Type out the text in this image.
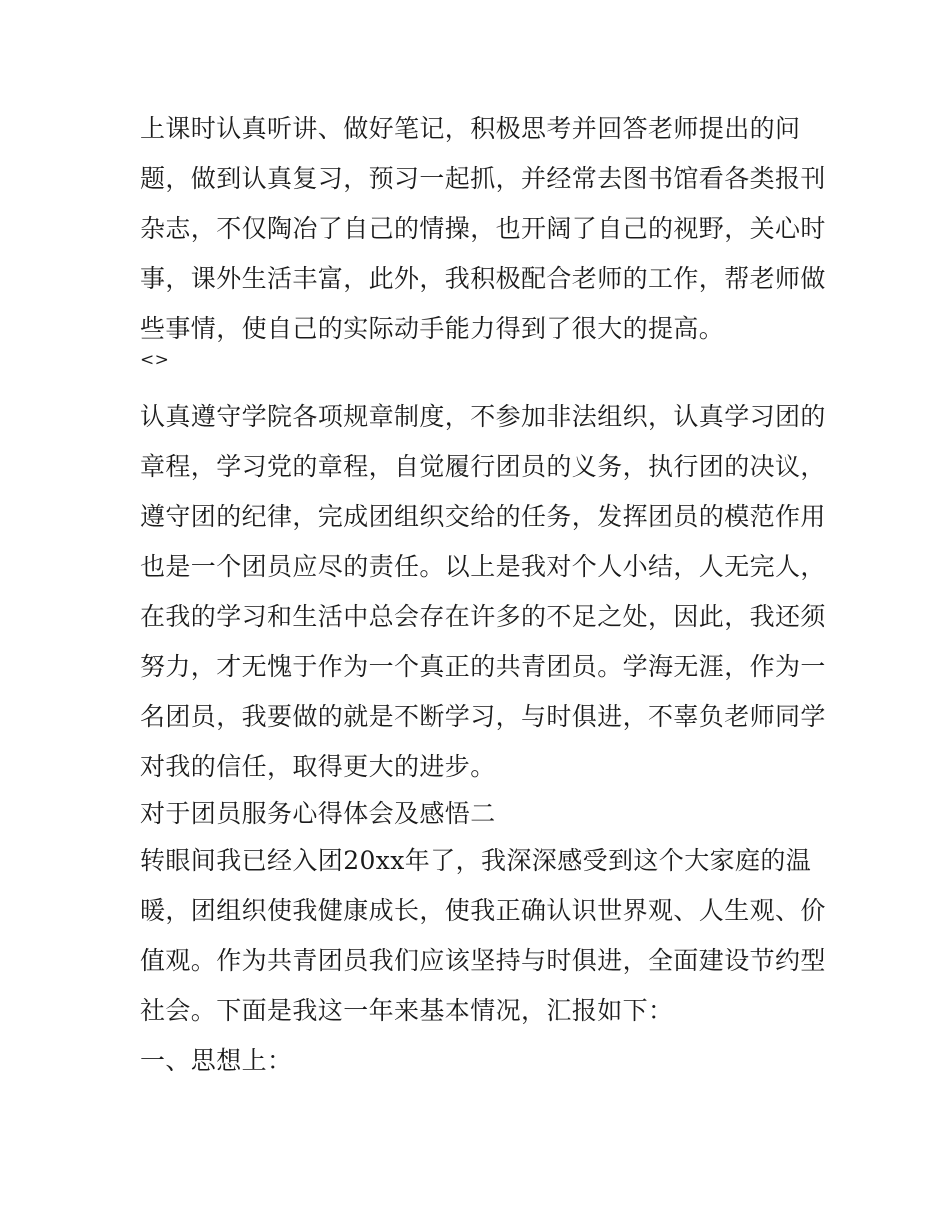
上课时认真听讲、做好笔记，积极思考并回答老师提出的问
题，做到认真复习，预习一起抓，并经常去图书馆看各类报刊
杂志，不仅陶冶了自己的情操，也开阔了自己的视野，关心时
事，课外生活丰富，此外，我积极配合老师的工作，帮老师做
些事情，使自己的实际动手能力得到了很大的提高。
<>
认真遵守学院各项规章制度，不参加非法组织，认真学习团的
章程，学习党的章程，自觉履行团员的义务，执行团的决议，
遵守团的纪律，完成团组织交给的任务，发挥团员的模范作用
也是一个团员应尽的责任。以上是我对个人小结，人无完人，
在我的学习和生活中总会存在许多的不足之处，因此，我还须
努力，才无愧于作为一个真正的共青团员。学海无涯，作为一
名团员，我要做的就是不断学习，与时俱进，不辜负老师同学
对我的信任，取得更大的进步。
对于团员服务心得体会及感悟二
转眼间我已经入团20xx年了，我深深感受到这个大家庭的温
暖，团组织使我健康成长，使我正确认识世界观、人生观、价
值观。作为共青团员我们应该坚持与时俱进，全面建设节约型
社会。下面是我这一年来基本情况，汇报如下：
一、思想上：
